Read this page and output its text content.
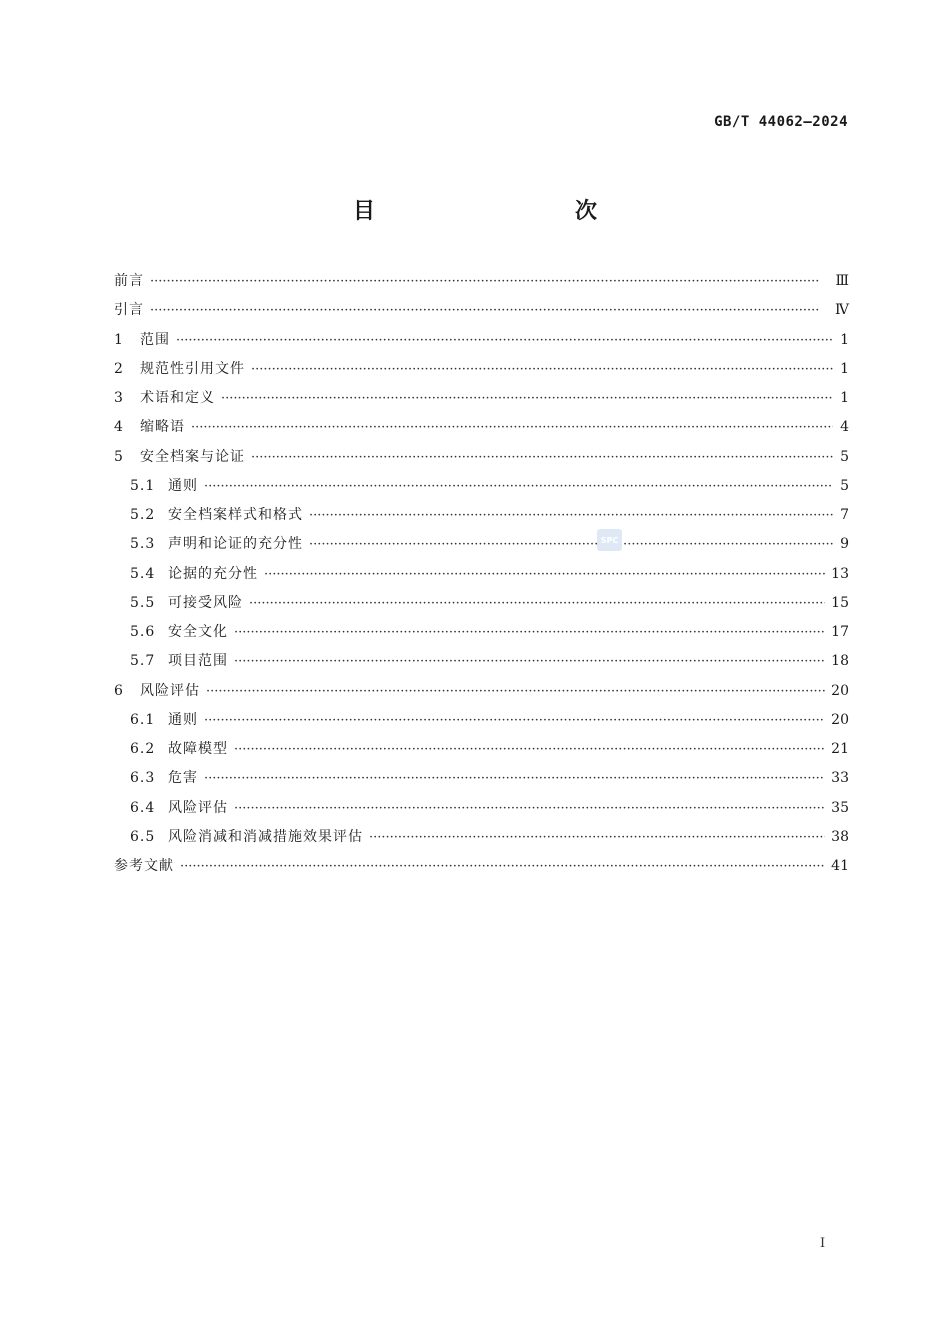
GB/T 44062—2024
目　　次
前言 ·····	Ⅲ
引言 ·····	Ⅳ
1	范围 ·····	1
2	规范性引用文件 ·····	1
3	术语和定义 ·····	1
4	缩略语 ·····	4
5	安全档案与论证 ·····	5
5.1 通则 ·····	5
5.2 安全档案样式和格式 ·····	7
5.3 声明和论证的充分性 ·····	9
5.4 论据的充分性 ·····	13
5.5 可接受风险 ·····	15
5.6 安全文化 ·····	17
5.7 项目范围 ·····	18
6	风险评估 ·····	20
6.1 通则 ·····	20
6.2 故障模型 ·····	21
6.3 危害 ·····	33
6.4 风险评估 ·····	35
6.5 风险消减和消减措施效果评估 ·····	38
参考文献 ·····	41
SPC
I
